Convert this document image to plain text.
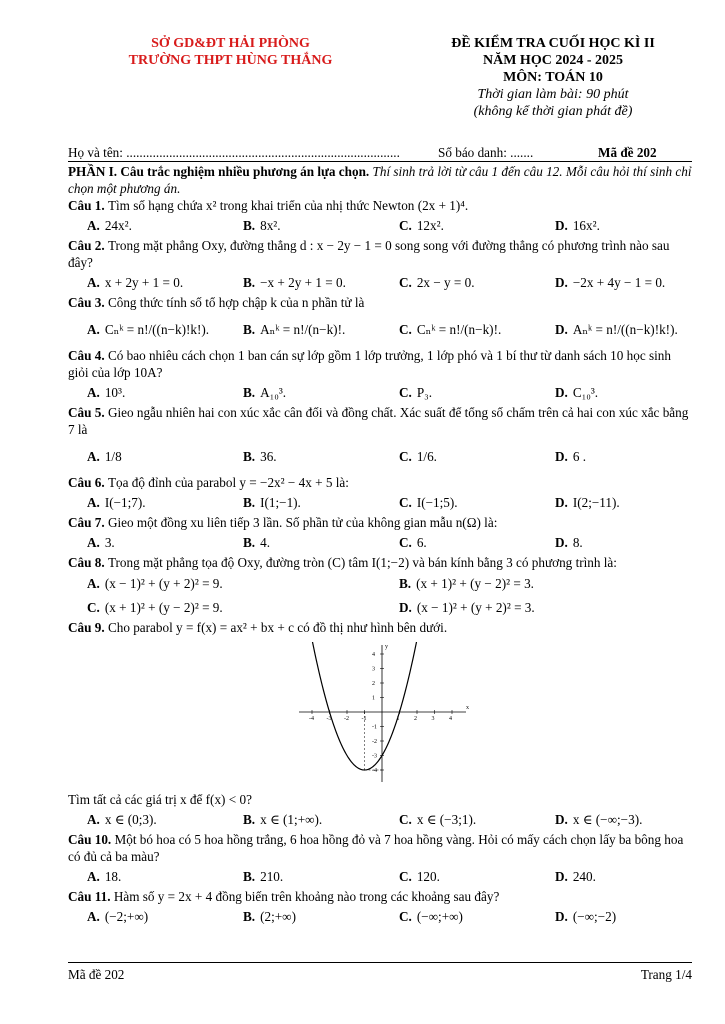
SỞ GD&ĐT HẢI PHÒNG
TRƯỜNG THPT HÙNG THẮNG
ĐỀ KIỂM TRA CUỐI HỌC KÌ II
NĂM HỌC 2024 - 2025
MÔN: TOÁN 10
Thời gian làm bài: 90 phút
(không kể thời gian phát đề)
Họ và tên: ...................................................................................	Số báo danh: .......	Mã đề 202

PHẦN I. Câu trắc nghiệm nhiều phương án lựa chọn. Thí sinh trả lời từ câu 1 đến câu 12. Mỗi câu hỏi thí sinh chỉ chọn một phương án.

Câu 1. Tìm số hạng chứa x² trong khai triển của nhị thức Newton (2x + 1)⁴.

A. 24x².	B. 8x².	C. 12x².	D. 16x².

Câu 2. Trong mặt phẳng Oxy, đường thẳng d : x − 2y − 1 = 0 song song với đường thẳng có phương trình nào sau đây?

A. x + 2y + 1 = 0.	B. −x + 2y + 1 = 0.	C. 2x − y = 0.	D. −2x + 4y − 1 = 0.

Câu 3. Công thức tính số tổ hợp chập k của n phần tử là

A. Cₙᵏ = n!/((n−k)!k!).	B. Aₙᵏ = n!/(n−k)!.	C. Cₙᵏ = n!/(n−k)!.	D. Aₙᵏ = n!/((n−k)!k!).

Câu 4. Có bao nhiêu cách chọn 1 ban cán sự lớp gồm 1 lớp trưởng, 1 lớp phó và 1 bí thư từ danh sách 10 học sinh giỏi của lớp 10A?

A. 10³.	B. A₁₀³.	C. P₃.	D. C₁₀³.

Câu 5. Gieo ngẫu nhiên hai con xúc xắc cân đối và đồng chất. Xác suất để tổng số chấm trên cả hai con xúc xắc bằng 7 là

A. 1/8	B. 36.	C. 1/6.	D. 6 .

Câu 6. Tọa độ đỉnh của parabol y = −2x² − 4x + 5 là:

A. I(−1;7).	B. I(1;−1).	C. I(−1;5).	D. I(2;−11).

Câu 7. Gieo một đồng xu liên tiếp 3 lần. Số phần tử của không gian mẫu n(Ω) là:

A. 3.	B. 4.	C. 6.	D. 8.

Câu 8. Trong mặt phẳng tọa độ Oxy, đường tròn (C) tâm I(1;−2) và bán kính bằng 3 có phương trình là:

A. (x − 1)² + (y + 2)² = 9.	B. (x + 1)² + (y − 2)² = 3.
C. (x + 1)² + (y − 2)² = 9.	D. (x − 1)² + (y + 2)² = 3.

Câu 9. Cho parabol y = f(x) = ax² + bx + c có đồ thị như hình bên dưới.

x
y
-4 -3 -2 -1	1 2 3 4
4
3
2
1
-1
-2
-3
-4

Tìm tất cả các giá trị x để f(x) < 0?

A. x ∈ (0;3).	B. x ∈ (1;+∞).	C. x ∈ (−3;1).	D. x ∈ (−∞;−3).

Câu 10. Một bó hoa có 5 hoa hồng trắng, 6 hoa hồng đỏ và 7 hoa hồng vàng. Hỏi có mấy cách chọn lấy ba bông hoa có đủ cả ba màu?

A. 18.	B. 210.	C. 120.	D. 240.

Câu 11. Hàm số y = 2x + 4 đồng biến trên khoảng nào trong các khoảng sau đây?

A. (−2;+∞)	B. (2;+∞)	C. (−∞;+∞)	D. (−∞;−2)
Mã đề 202	Trang 1/4
